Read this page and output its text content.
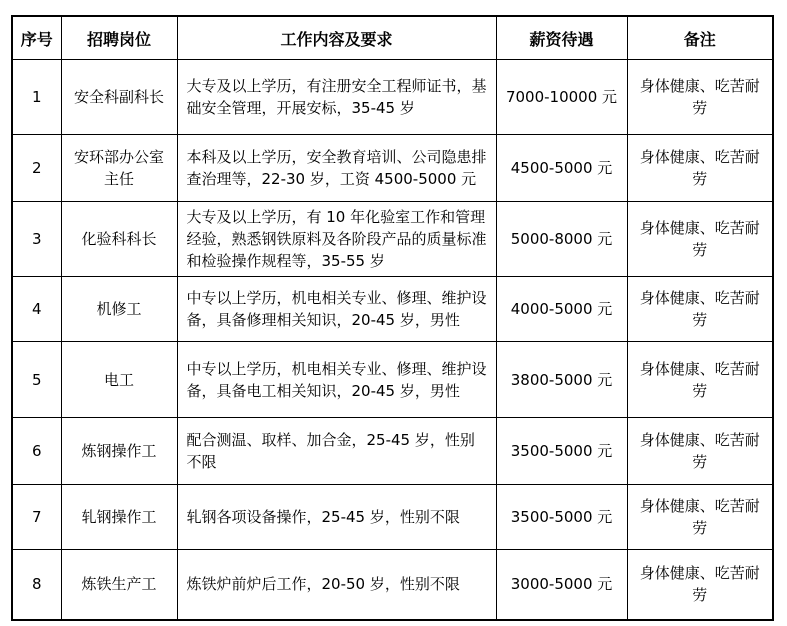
序号	招聘岗位	工作内容及要求	薪资待遇	备注
1	安全科副科长	大专及以上学历，有注册安全工程师证书，基础安全管理，开展安标，35-45 岁	7000-10000 元	身体健康、吃苦耐劳
2	安环部办公室主任	本科及以上学历，安全教育培训、公司隐患排查治理等，22-30 岁，工资 4500-5000 元	4500-5000 元	身体健康、吃苦耐劳
3	化验科科长	大专及以上学历，有 10 年化验室工作和管理经验，熟悉钢铁原料及各阶段产品的质量标准和检验操作规程等，35-55 岁	5000-8000 元	身体健康、吃苦耐劳
4	机修工	中专以上学历，机电相关专业、修理、维护设备，具备修理相关知识，20-45 岁，男性	4000-5000 元	身体健康、吃苦耐劳
5	电工	中专以上学历，机电相关专业、修理、维护设备，具备电工相关知识，20-45 岁，男性	3800-5000 元	身体健康、吃苦耐劳
6	炼钢操作工	配合测温、取样、加合金，25-45 岁，性别不限	3500-5000 元	身体健康、吃苦耐劳
7	轧钢操作工	轧钢各项设备操作，25-45 岁，性别不限	3500-5000 元	身体健康、吃苦耐劳
8	炼铁生产工	炼铁炉前炉后工作，20-50 岁，性别不限	3000-5000 元	身体健康、吃苦耐劳
